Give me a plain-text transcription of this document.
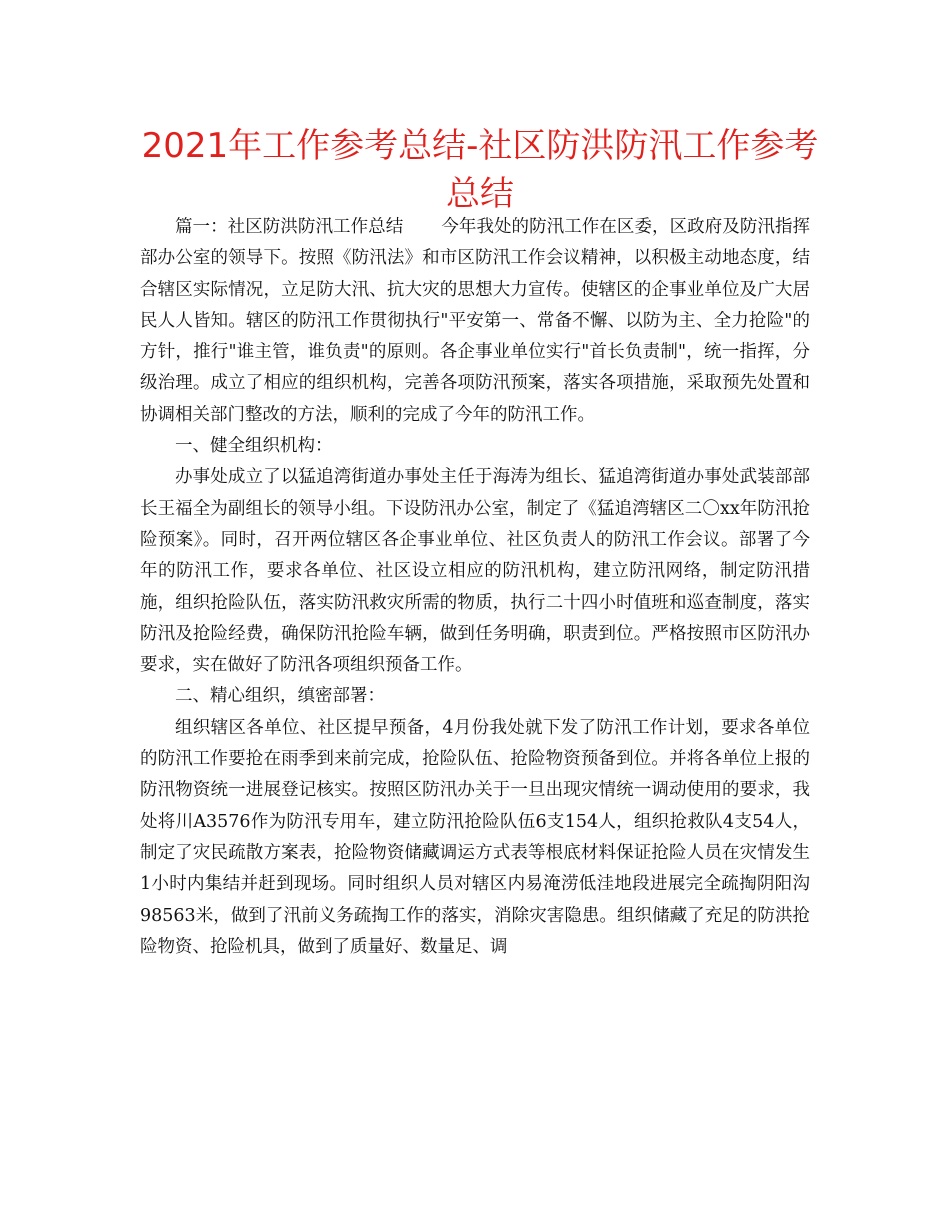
2021年工作参考总结-社区防洪防汛工作参考总结

篇一：社区防洪防汛工作总结 今年我处的防汛工作在区委，区政府及防汛指挥部办公室的领导下。按照《防汛法》和市区防汛工作会议精神，以积极主动地态度，结合辖区实际情况，立足防大汛、抗大灾的思想大力宣传。使辖区的企事业单位及广大居民人人皆知。辖区的防汛工作贯彻执行"平安第一、常备不懈、以防为主、全力抢险"的方针，推行"谁主管，谁负责"的原则。各企事业单位实行"首长负责制"，统一指挥，分级治理。成立了相应的组织机构，完善各项防汛预案，落实各项措施，采取预先处置和协调相关部门整改的方法，顺利的完成了今年的防汛工作。

一、健全组织机构：

办事处成立了以猛追湾街道办事处主任于海涛为组长、猛追湾街道办事处武装部部长王福全为副组长的领导小组。下设防汛办公室，制定了《猛追湾辖区二〇xx年防汛抢险预案》。同时，召开两位辖区各企事业单位、社区负责人的防汛工作会议。部署了今年的防汛工作，要求各单位、社区设立相应的防汛机构，建立防汛网络，制定防汛措施，组织抢险队伍，落实防汛救灾所需的物质，执行二十四小时值班和巡查制度，落实防汛及抢险经费，确保防汛抢险车辆，做到任务明确，职责到位。严格按照市区防汛办要求，实在做好了防汛各项组织预备工作。

二、精心组织，缜密部署：

组织辖区各单位、社区提早预备，4月份我处就下发了防汛工作计划，要求各单位的防汛工作要抢在雨季到来前完成，抢险队伍、抢险物资预备到位。并将各单位上报的防汛物资统一进展登记核实。按照区防汛办关于一旦出现灾情统一调动使用的要求，我处将川A3576作为防汛专用车，建立防汛抢险队伍6支154人，组织抢救队4支54人，制定了灾民疏散方案表，抢险物资储藏调运方式表等根底材料保证抢险人员在灾情发生1小时内集结并赶到现场。同时组织人员对辖区内易淹涝低洼地段进展完全疏掏阴阳沟98563米，做到了汛前义务疏掏工作的落实，消除灾害隐患。组织储藏了充足的防洪抢险物资、抢险机具，做到了质量好、数量足、调
